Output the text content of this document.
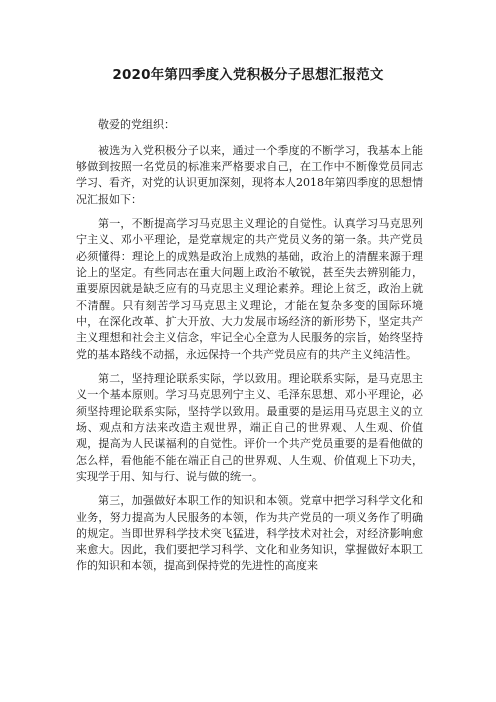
2020年第四季度入党积极分子思想汇报范文

敬爱的党组织：

被选为入党积极分子以来，通过一个季度的不断学习，我基本上能够做到按照一名党员的标准来严格要求自己，在工作中不断像党员同志学习、看齐，对党的认识更加深刻，现将本人2018年第四季度的思想情况汇报如下：

第一，不断提高学习马克思主义理论的自觉性。认真学习马克思列宁主义、邓小平理论，是党章规定的共产党员义务的第一条。共产党员必须懂得：理论上的成熟是政治上成熟的基础，政治上的清醒来源于理论上的坚定。有些同志在重大问题上政治不敏锐，甚至失去辨别能力，重要原因就是缺乏应有的马克思主义理论素养。理论上贫乏，政治上就不清醒。只有刻苦学习马克思主义理论，才能在复杂多变的国际环境中，在深化改革、扩大开放、大力发展市场经济的新形势下，坚定共产主义理想和社会主义信念，牢记全心全意为人民服务的宗旨，始终坚持党的基本路线不动摇，永远保持一个共产党员应有的共产主义纯洁性。

第二，坚持理论联系实际，学以致用。理论联系实际，是马克思主义一个基本原则。学习马克思列宁主义、毛泽东思想、邓小平理论，必须坚持理论联系实际，坚持学以致用。最重要的是运用马克思主义的立场、观点和方法来改造主观世界，端正自己的世界观、人生观、价值观，提高为人民谋福利的自觉性。评价一个共产党员重要的是看他做的怎么样，看他能不能在端正自己的世界观、人生观、价值观上下功夫，实现学于用、知与行、说与做的统一。

第三，加强做好本职工作的知识和本领。党章中把学习科学文化和业务，努力提高为人民服务的本领，作为共产党员的一项义务作了明确的规定。当即世界科学技术突飞猛进，科学技术对社会，对经济影响愈来愈大。因此，我们要把学习科学、文化和业务知识，掌握做好本职工作的知识和本领，提高到保持党的先进性的高度来
